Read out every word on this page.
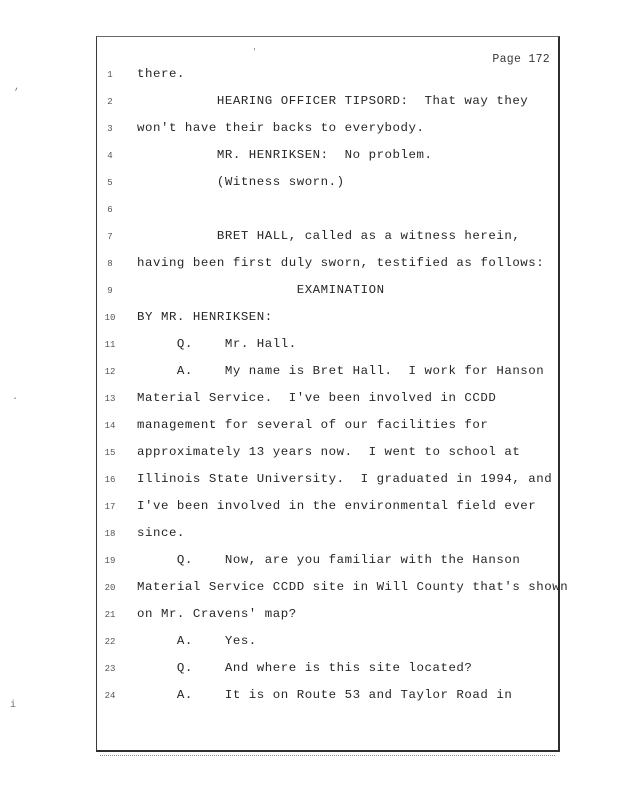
Page 172
'
1	there.
2	HEARING OFFICER TIPSORD:  That way they
3	won't have their backs to everybody.
4	MR. HENRIKSEN:  No problem.
5	(Witness sworn.)
6
7	BRET HALL, called as a witness herein,
8	having been first duly sworn, testified as follows:
9	EXAMINATION
10	BY MR. HENRIKSEN:
11	Q.    Mr. Hall.
12	A.    My name is Bret Hall.  I work for Hanson
13	Material Service.  I've been involved in CCDD
14	management for several of our facilities for
15	approximately 13 years now.  I went to school at
16	Illinois State University.  I graduated in 1994, and
17	I've been involved in the environmental field ever
18	since.
19	Q.    Now, are you familiar with the Hanson
20	Material Service CCDD site in Will County that's shown
21	on Mr. Cravens' map?
22	A.    Yes.
23	Q.    And where is this site located?
24	A.    It is on Route 53 and Taylor Road in
,
.
i
